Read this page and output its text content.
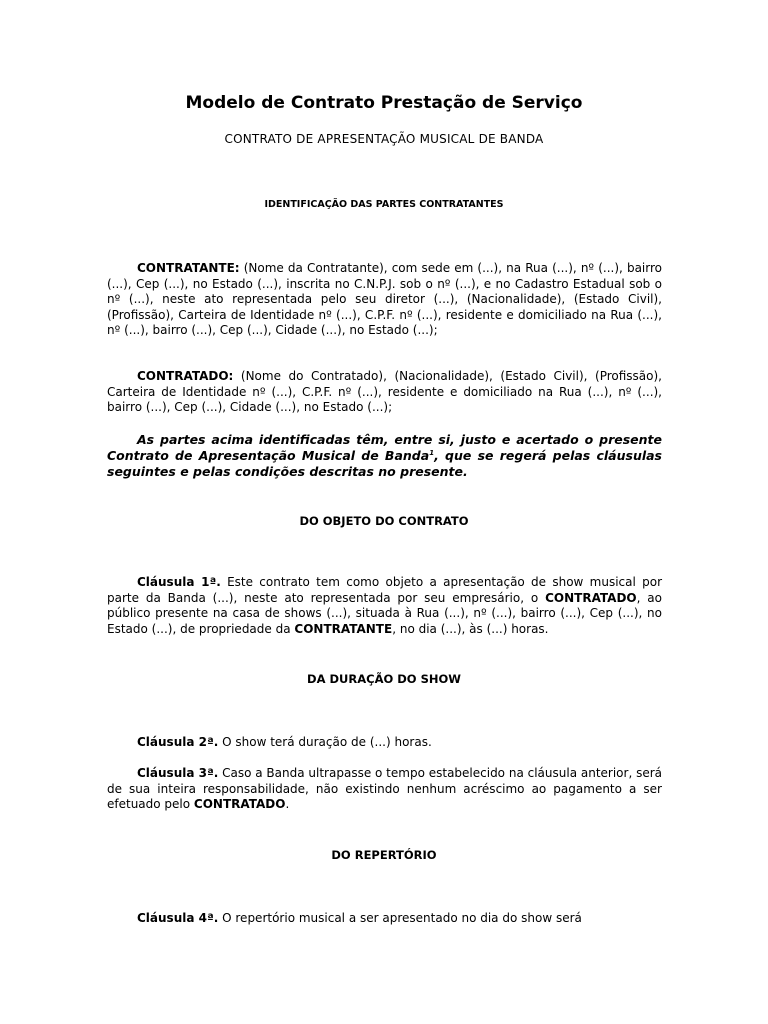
Modelo de Contrato Prestação de Serviço
CONTRATO DE APRESENTAÇÃO MUSICAL DE BANDA
IDENTIFICAÇÃO DAS PARTES CONTRATANTES
CONTRATANTE: (Nome da Contratante), com sede em (...), na Rua (...), nº (...), bairro (...), Cep (...), no Estado (...), inscrita no C.N.P.J. sob o nº (...), e no Cadastro Estadual sob o nº (...), neste ato representada pelo seu diretor (...), (Nacionalidade), (Estado Civil), (Profissão), Carteira de Identidade nº (...), C.P.F. nº (...), residente e domiciliado na Rua (...), nº (...), bairro (...), Cep (...), Cidade (...), no Estado (...);
CONTRATADO: (Nome do Contratado), (Nacionalidade), (Estado Civil), (Profissão), Carteira de Identidade nº (...), C.P.F. nº (...), residente e domiciliado na Rua (...), nº (...), bairro (...), Cep (...), Cidade (...), no Estado (...);
As partes acima identificadas têm, entre si, justo e acertado o presente Contrato de Apresentação Musical de Banda$^1$, que se regerá pelas cláusulas seguintes e pelas condições descritas no presente.
DO OBJETO DO CONTRATO
Cláusula 1ª. Este contrato tem como objeto a apresentação de show musical por parte da Banda (...), neste ato representada por seu empresário, o CONTRATADO, ao público presente na casa de shows (...), situada à Rua (...), nº (...), bairro (...), Cep (...), no Estado (...), de propriedade da CONTRATANTE, no dia (...), às (...) horas.
DA DURAÇÃO DO SHOW
Cláusula 2ª. O show terá duração de (...) horas.
Cláusula 3ª. Caso a Banda ultrapasse o tempo estabelecido na cláusula anterior, será de sua inteira responsabilidade, não existindo nenhum acréscimo ao pagamento a ser efetuado pelo CONTRATADO.
DO REPERTÓRIO
Cláusula 4ª. O repertório musical a ser apresentado no dia do show será
